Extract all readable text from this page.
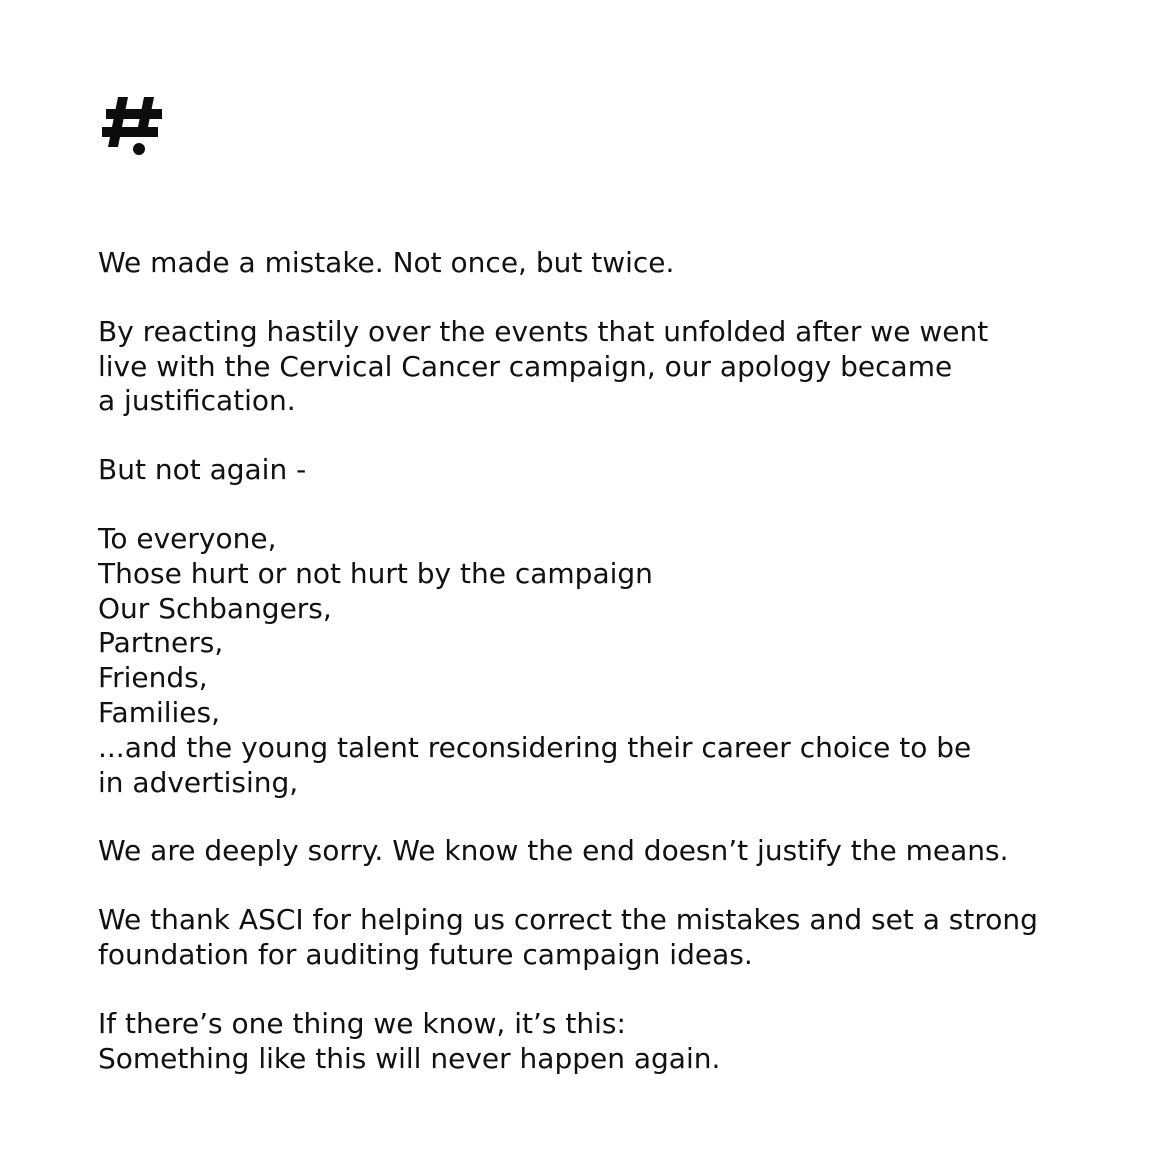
We made a mistake. Not once, but twice.
By reacting hastily over the events that unfolded after we went
live with the Cervical Cancer campaign, our apology became
a justification.
But not again -
To everyone,
Those hurt or not hurt by the campaign
Our Schbangers,
Partners,
Friends,
Families,
...and the young talent reconsidering their career choice to be
in advertising,
We are deeply sorry. We know the end doesn’t justify the means.
We thank ASCI for helping us correct the mistakes and set a strong
foundation for auditing future campaign ideas.
If there’s one thing we know, it’s this:
Something like this will never happen again.
